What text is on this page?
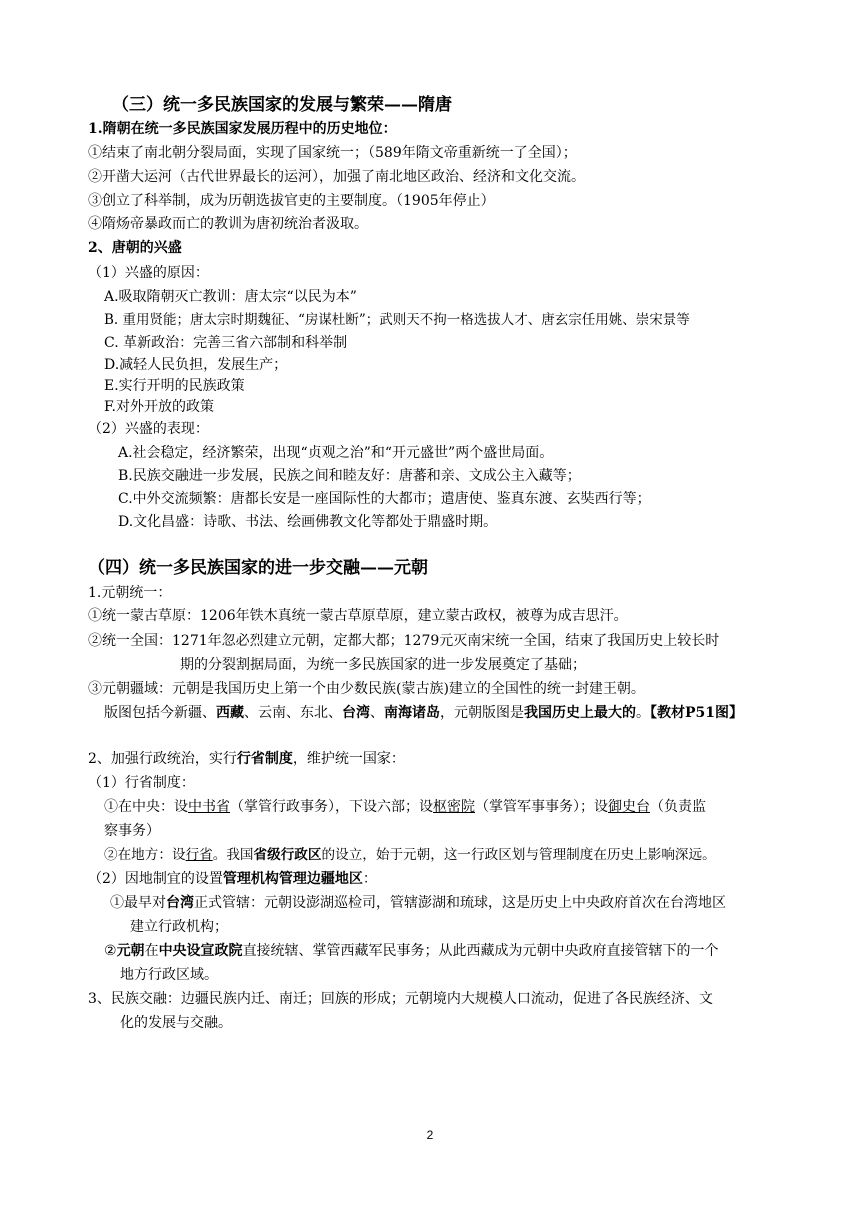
（三）统一多民族国家的发展与繁荣——隋唐
1.隋朝在统一多民族国家发展历程中的历史地位：
①结束了南北朝分裂局面，实现了国家统一；（589年隋文帝重新统一了全国）；
②开凿大运河（古代世界最长的运河），加强了南北地区政治、经济和文化交流。
③创立了科举制，成为历朝选拔官吏的主要制度。（1905年停止）
④隋炀帝暴政而亡的教训为唐初统治者汲取。
2、唐朝的兴盛
（1）兴盛的原因：
A.吸取隋朝灭亡教训：唐太宗“以民为本”
B. 重用贤能；唐太宗时期魏征、“房谋杜断”；武则天不拘一格选拔人才、唐玄宗任用姚、崇宋景等
C. 革新政治：完善三省六部制和科举制
D.减轻人民负担，发展生产；
E.实行开明的民族政策
F.对外开放的政策
（2）兴盛的表现：
A.社会稳定，经济繁荣，出现“贞观之治”和“开元盛世”两个盛世局面。
B.民族交融进一步发展，民族之间和睦友好：唐蕃和亲、文成公主入藏等；
C.中外交流频繁：唐都长安是一座国际性的大都市；遣唐使、鉴真东渡、玄奘西行等；
D.文化昌盛：诗歌、书法、绘画佛教文化等都处于鼎盛时期。
（四）统一多民族国家的进一步交融——元朝
1.元朝统一：
①统一蒙古草原：1206年铁木真统一蒙古草原草原，建立蒙古政权，被尊为成吉思汗。
②统一全国：1271年忽必烈建立元朝，定都大都；1279元灭南宋统一全国，结束了我国历史上较长时
期的分裂割据局面，为统一多民族国家的进一步发展奠定了基础；
③元朝疆域：元朝是我国历史上第一个由少数民族(蒙古族)建立的全国性的统一封建王朝。
版图包括今新疆、西藏、云南、东北、台湾、南海诸岛，元朝版图是我国历史上最大的。【教材P51图】
2、加强行政统治，实行行省制度，维护统一国家：
（1）行省制度：
①在中央：设中书省（掌管行政事务），下设六部；设枢密院（掌管军事事务）；设御史台（负责监
察事务）
②在地方：设行省。我国省级行政区的设立，始于元朝，这一行政区划与管理制度在历史上影响深远。
（2）因地制宜的设置管理机构管理边疆地区：
①最早对台湾正式管辖：元朝设澎湖巡检司，管辖澎湖和琉球，这是历史上中央政府首次在台湾地区
建立行政机构；
②元朝在中央设宣政院直接统辖、掌管西藏军民事务；从此西藏成为元朝中央政府直接管辖下的一个
地方行政区域。
3、民族交融：边疆民族内迁、南迁；回族的形成；元朝境内大规模人口流动，促进了各民族经济、文
化的发展与交融。
2
